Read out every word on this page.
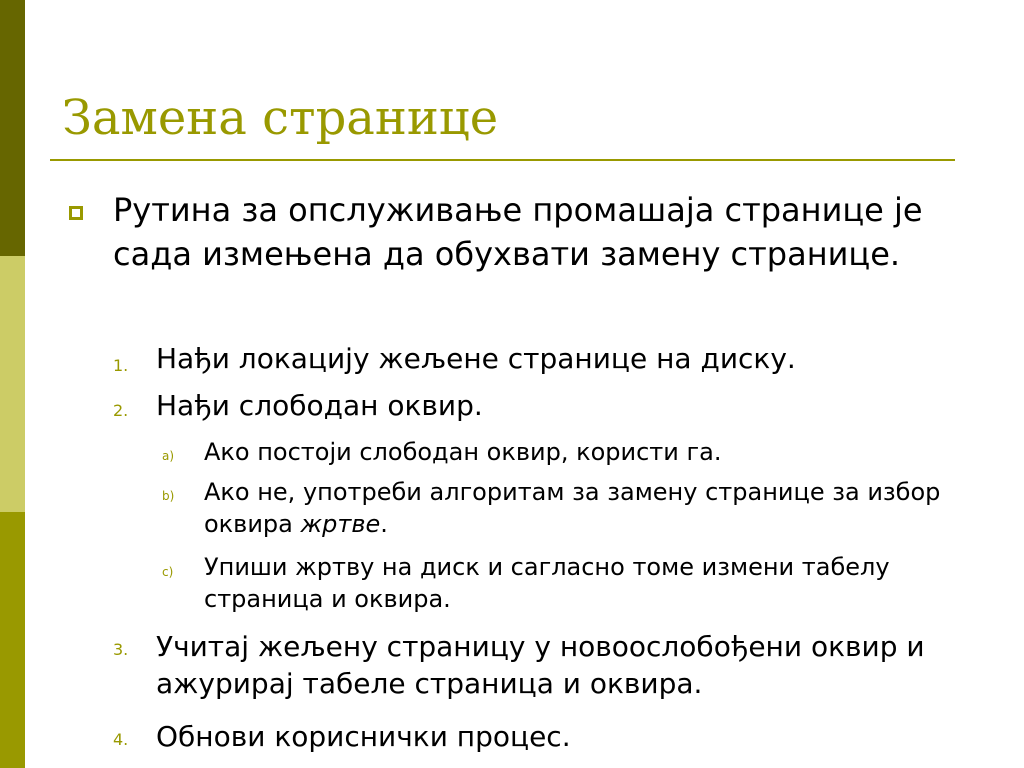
Замена странице
Рутина за опслуживање промашаја странице је сада измењена да обухвати замену странице.
1. Нађи локацију жељене странице на диску.
2. Нађи слободан оквир.
a) Ако постоји слободан оквир, користи га.
b) Ако не, употреби алгоритам за замену странице за избор оквира жртве.
c) Упиши жртву на диск и сагласно томе измени табелу страница и оквира.
3. Учитај жељену страницу у новоослобођени оквир и ажурирај табеле страница и оквира.
4. Обнови кориснички процес.
